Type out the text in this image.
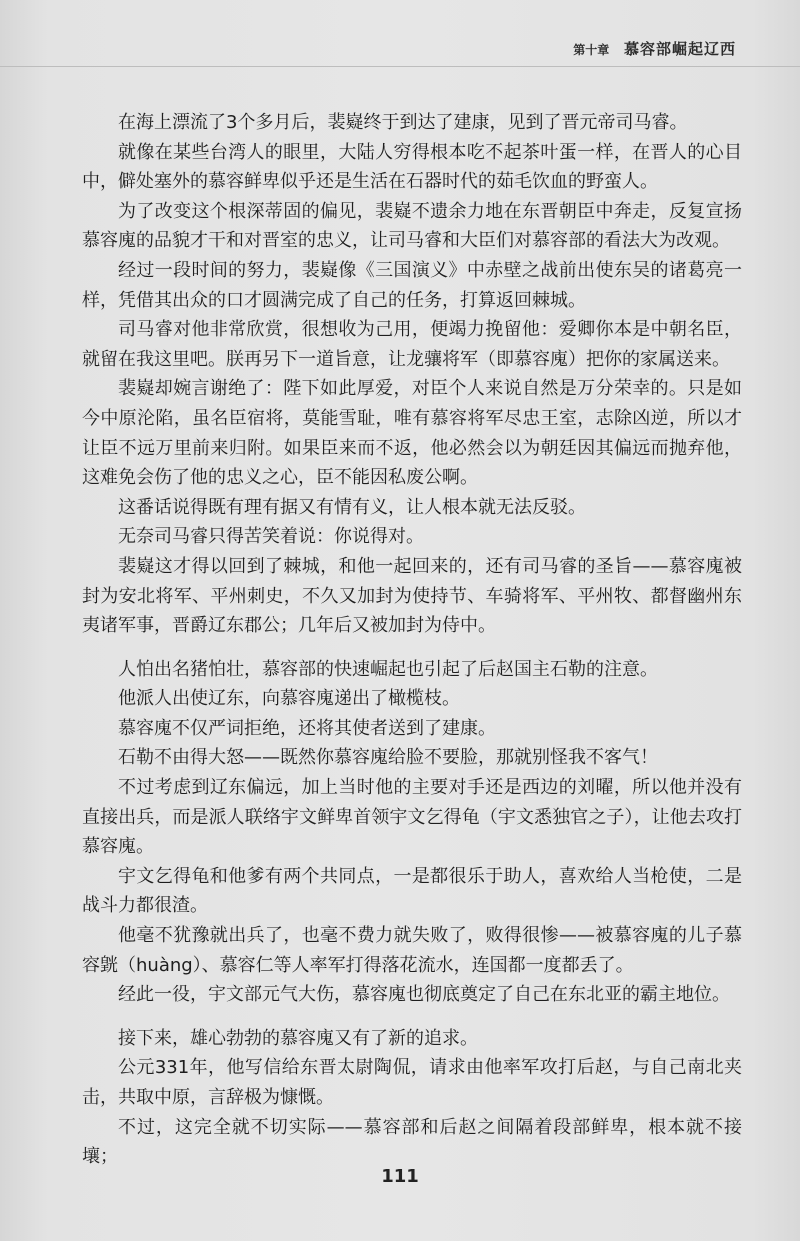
第十章 慕容部崛起辽西

在海上漂流了3个多月后，裴嶷终于到达了建康，见到了晋元帝司马睿。

就像在某些台湾人的眼里，大陆人穷得根本吃不起茶叶蛋一样，在晋人的心目中，僻处塞外的慕容鲜卑似乎还是生活在石器时代的茹毛饮血的野蛮人。

为了改变这个根深蒂固的偏见，裴嶷不遗余力地在东晋朝臣中奔走，反复宣扬慕容廆的品貌才干和对晋室的忠义，让司马睿和大臣们对慕容部的看法大为改观。

经过一段时间的努力，裴嶷像《三国演义》中赤壁之战前出使东吴的诸葛亮一样，凭借其出众的口才圆满完成了自己的任务，打算返回棘城。

司马睿对他非常欣赏，很想收为己用，便竭力挽留他：爱卿你本是中朝名臣，就留在我这里吧。朕再另下一道旨意，让龙骧将军（即慕容廆）把你的家属送来。

裴嶷却婉言谢绝了：陛下如此厚爱，对臣个人来说自然是万分荣幸的。只是如今中原沦陷，虽名臣宿将，莫能雪耻，唯有慕容将军尽忠王室，志除凶逆，所以才让臣不远万里前来归附。如果臣来而不返，他必然会以为朝廷因其偏远而抛弃他，这难免会伤了他的忠义之心，臣不能因私废公啊。

这番话说得既有理有据又有情有义，让人根本就无法反驳。

无奈司马睿只得苦笑着说：你说得对。

裴嶷这才得以回到了棘城，和他一起回来的，还有司马睿的圣旨——慕容廆被封为安北将军、平州刺史，不久又加封为使持节、车骑将军、平州牧、都督幽州东夷诸军事，晋爵辽东郡公；几年后又被加封为侍中。

人怕出名猪怕壮，慕容部的快速崛起也引起了后赵国主石勒的注意。

他派人出使辽东，向慕容廆递出了橄榄枝。

慕容廆不仅严词拒绝，还将其使者送到了建康。

石勒不由得大怒——既然你慕容廆给脸不要脸，那就别怪我不客气！

不过考虑到辽东偏远，加上当时他的主要对手还是西边的刘曜，所以他并没有直接出兵，而是派人联络宇文鲜卑首领宇文乞得龟（宇文悉独官之子），让他去攻打慕容廆。

宇文乞得龟和他爹有两个共同点，一是都很乐于助人，喜欢给人当枪使，二是战斗力都很渣。

他毫不犹豫就出兵了，也毫不费力就失败了，败得很惨——被慕容廆的儿子慕容皝（huàng）、慕容仁等人率军打得落花流水，连国都一度都丢了。

经此一役，宇文部元气大伤，慕容廆也彻底奠定了自己在东北亚的霸主地位。

接下来，雄心勃勃的慕容廆又有了新的追求。

公元331年，他写信给东晋太尉陶侃，请求由他率军攻打后赵，与自己南北夹击，共取中原，言辞极为慷慨。

不过，这完全就不切实际——慕容部和后赵之间隔着段部鲜卑，根本就不接壤；

111
